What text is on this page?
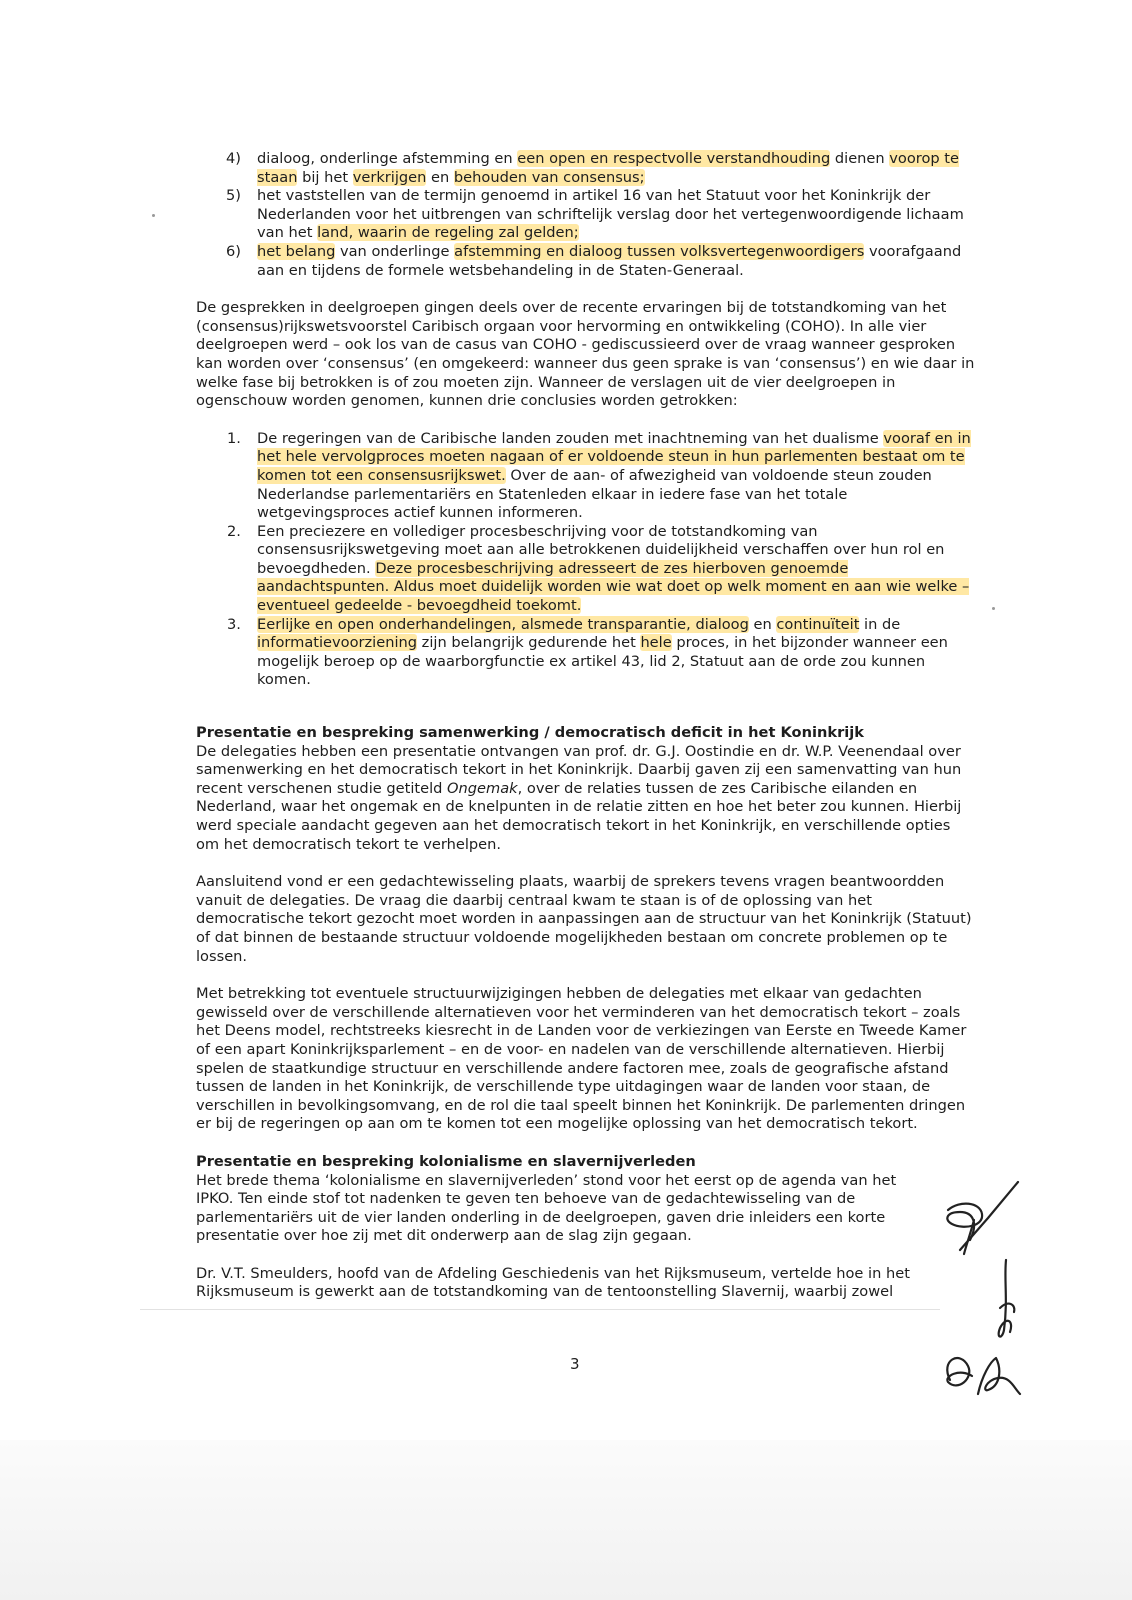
4) dialoog, onderlinge afstemming en een open en respectvolle verstandhouding dienen voorop te staan bij het verkrijgen en behouden van consensus;
5) het vaststellen van de termijn genoemd in artikel 16 van het Statuut voor het Koninkrijk der Nederlanden voor het uitbrengen van schriftelijk verslag door het vertegenwoordigende lichaam van het land, waarin de regeling zal gelden;
6) het belang van onderlinge afstemming en dialoog tussen volksvertegenwoordigers voorafgaand aan en tijdens de formele wetsbehandeling in de Staten-Generaal.

De gesprekken in deelgroepen gingen deels over de recente ervaringen bij de totstandkoming van het (consensus)rijkswetsvoorstel Caribisch orgaan voor hervorming en ontwikkeling (COHO). In alle vier deelgroepen werd – ook los van de casus van COHO - gediscussieerd over de vraag wanneer gesproken kan worden over ‘consensus’ (en omgekeerd: wanneer dus geen sprake is van ‘consensus’) en wie daar in welke fase bij betrokken is of zou moeten zijn. Wanneer de verslagen uit de vier deelgroepen in ogenschouw worden genomen, kunnen drie conclusies worden getrokken:

1. De regeringen van de Caribische landen zouden met inachtneming van het dualisme vooraf en in het hele vervolgproces moeten nagaan of er voldoende steun in hun parlementen bestaat om te komen tot een consensusrijkswet. Over de aan- of afwezigheid van voldoende steun zouden Nederlandse parlementariërs en Statenleden elkaar in iedere fase van het totale wetgevingsproces actief kunnen informeren.
2. Een preciezere en vollediger procesbeschrijving voor de totstandkoming van consensusrijkswetgeving moet aan alle betrokkenen duidelijkheid verschaffen over hun rol en bevoegdheden. Deze procesbeschrijving adresseert de zes hierboven genoemde aandachtspunten. Aldus moet duidelijk worden wie wat doet op welk moment en aan wie welke – eventueel gedeelde - bevoegdheid toekomt.
3. Eerlijke en open onderhandelingen, alsmede transparantie, dialoog en continuïteit in de informatievoorziening zijn belangrijk gedurende het hele proces, in het bijzonder wanneer een mogelijk beroep op de waarborgfunctie ex artikel 43, lid 2, Statuut aan de orde zou kunnen komen.

Presentatie en bespreking samenwerking / democratisch deficit in het Koninkrijk

De delegaties hebben een presentatie ontvangen van prof. dr. G.J. Oostindie en dr. W.P. Veenendaal over samenwerking en het democratisch tekort in het Koninkrijk. Daarbij gaven zij een samenvatting van hun recent verschenen studie getiteld Ongemak, over de relaties tussen de zes Caribische eilanden en Nederland, waar het ongemak en de knelpunten in de relatie zitten en hoe het beter zou kunnen. Hierbij werd speciale aandacht gegeven aan het democratisch tekort in het Koninkrijk, en verschillende opties om het democratisch tekort te verhelpen.

Aansluitend vond er een gedachtewisseling plaats, waarbij de sprekers tevens vragen beantwoordden vanuit de delegaties. De vraag die daarbij centraal kwam te staan is of de oplossing van het democratische tekort gezocht moet worden in aanpassingen aan de structuur van het Koninkrijk (Statuut) of dat binnen de bestaande structuur voldoende mogelijkheden bestaan om concrete problemen op te lossen.

Met betrekking tot eventuele structuurwijzigingen hebben de delegaties met elkaar van gedachten gewisseld over de verschillende alternatieven voor het verminderen van het democratisch tekort – zoals het Deens model, rechtstreeks kiesrecht in de Landen voor de verkiezingen van Eerste en Tweede Kamer of een apart Koninkrijksparlement – en de voor- en nadelen van de verschillende alternatieven. Hierbij spelen de staatkundige structuur en verschillende andere factoren mee, zoals de geografische afstand tussen de landen in het Koninkrijk, de verschillende type uitdagingen waar de landen voor staan, de verschillen in bevolkingsomvang, en de rol die taal speelt binnen het Koninkrijk. De parlementen dringen er bij de regeringen op aan om te komen tot een mogelijke oplossing van het democratisch tekort.

Presentatie en bespreking kolonialisme en slavernijverleden

Het brede thema ‘kolonialisme en slavernijverleden’ stond voor het eerst op de agenda van het IPKO. Ten einde stof tot nadenken te geven ten behoeve van de gedachtewisseling van de parlementariërs uit de vier landen onderling in de deelgroepen, gaven drie inleiders een korte presentatie over hoe zij met dit onderwerp aan de slag zijn gegaan.

Dr. V.T. Smeulders, hoofd van de Afdeling Geschiedenis van het Rijksmuseum, vertelde hoe in het Rijksmuseum is gewerkt aan de totstandkoming van de tentoonstelling Slavernij, waarbij zowel

3
